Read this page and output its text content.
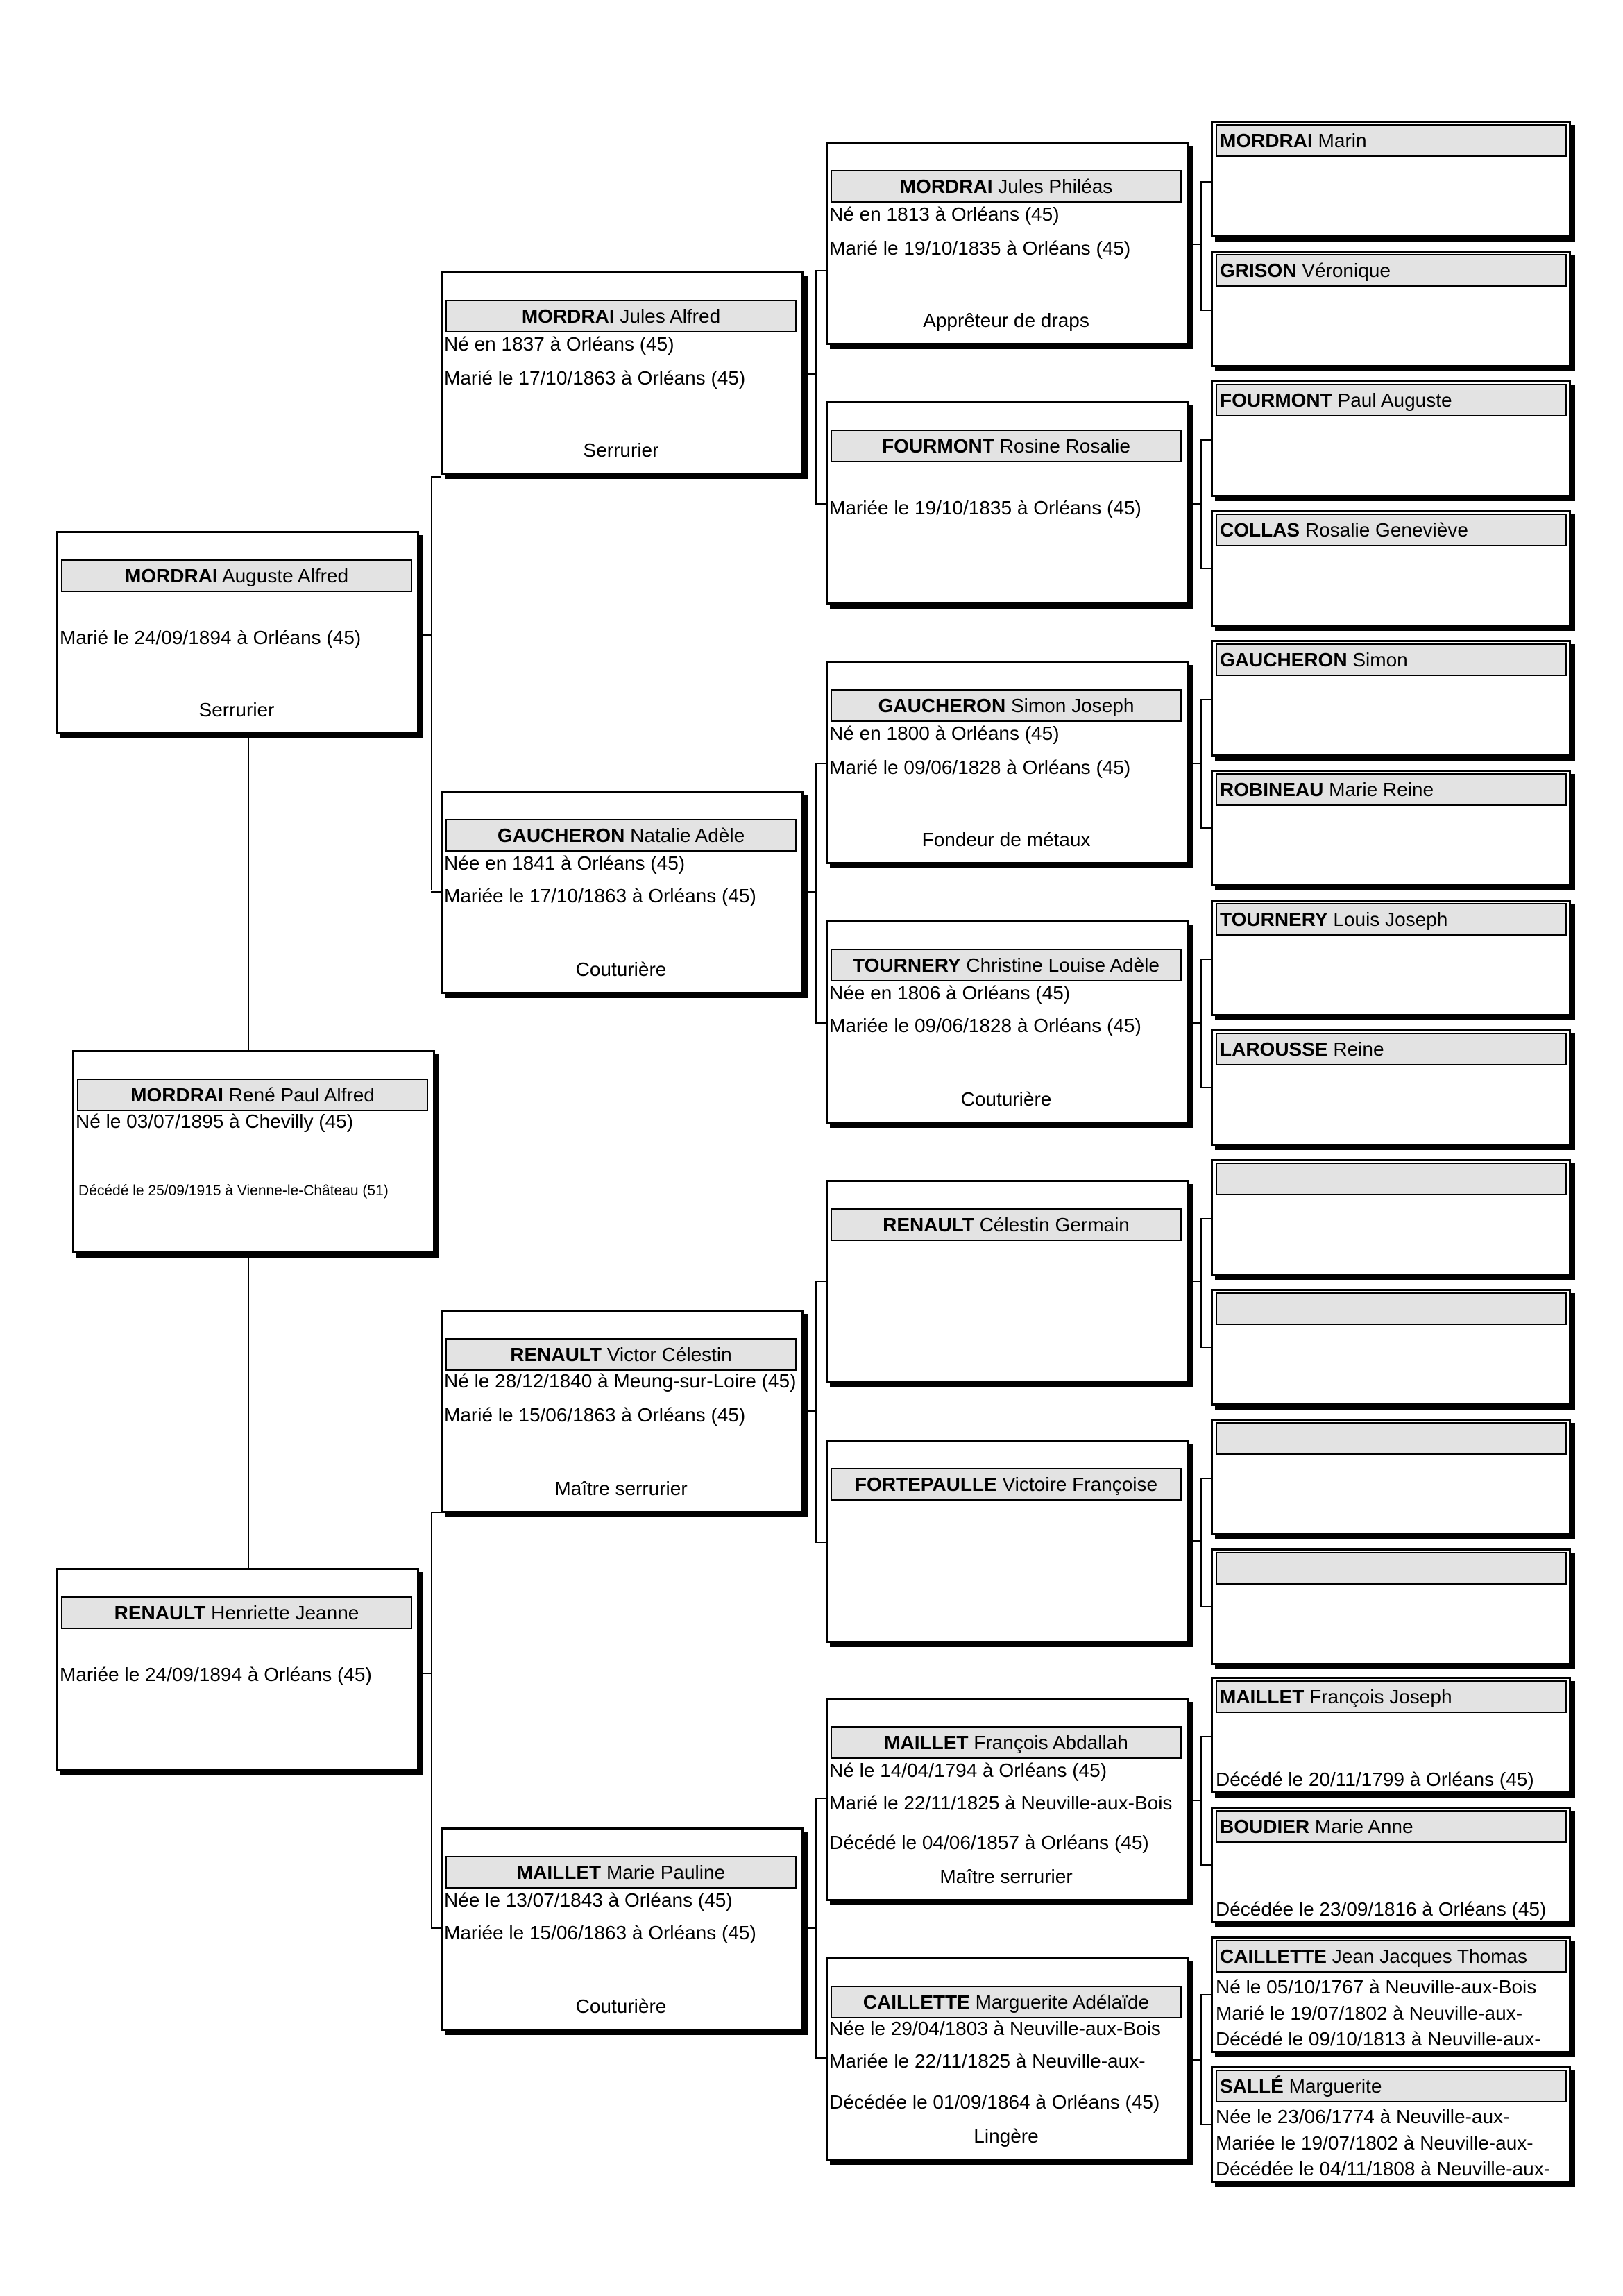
MORDRAI René Paul Alfred
Né le 03/07/1895 à Chevilly (45)
Décédé le 25/09/1915 à Vienne-le-Château (51)
MORDRAI Auguste Alfred
Marié le 24/09/1894 à Orléans (45)
Serrurier
RENAULT Henriette Jeanne
Mariée le 24/09/1894 à Orléans (45)
MORDRAI Jules Alfred
Né en 1837 à Orléans (45)
Marié le 17/10/1863 à Orléans (45)
Serrurier
GAUCHERON Natalie Adèle
Née en 1841 à Orléans (45)
Mariée le 17/10/1863 à Orléans (45)
Couturière
RENAULT Victor Célestin
Né le 28/12/1840 à Meung-sur-Loire (45)
Marié le 15/06/1863 à Orléans (45)
Maître serrurier
MAILLET Marie Pauline
Née le 13/07/1843 à Orléans (45)
Mariée le 15/06/1863 à Orléans (45)
Couturière
MORDRAI Jules Philéas
Né en 1813 à Orléans (45)
Marié le 19/10/1835 à Orléans (45)
Apprêteur de draps
FOURMONT Rosine Rosalie
Mariée le 19/10/1835 à Orléans (45)
GAUCHERON Simon Joseph
Né en 1800 à Orléans (45)
Marié le 09/06/1828 à Orléans (45)
Fondeur de métaux
TOURNERY Christine Louise Adèle
Née en 1806 à Orléans (45)
Mariée le 09/06/1828 à Orléans (45)
Couturière
RENAULT Célestin Germain
FORTEPAULLE Victoire Françoise
MAILLET François Abdallah
Né le 14/04/1794 à Orléans (45)
Marié le 22/11/1825 à Neuville-aux-Bois
Décédé le 04/06/1857 à Orléans (45)
Maître serrurier
CAILLETTE Marguerite Adélaïde
Née le 29/04/1803 à Neuville-aux-Bois
Mariée le 22/11/1825 à Neuville-aux-
Décédée le 01/09/1864 à Orléans (45)
Lingère
MORDRAI Marin
GRISON Véronique
FOURMONT Paul Auguste
COLLAS Rosalie Geneviève
GAUCHERON Simon
ROBINEAU Marie Reine
TOURNERY Louis Joseph
LAROUSSE Reine
MAILLET François Joseph
Décédé le 20/11/1799 à Orléans (45)
BOUDIER Marie Anne
Décédée le 23/09/1816 à Orléans (45)
CAILLETTE Jean Jacques Thomas
Né le 05/10/1767 à Neuville-aux-Bois
Marié le 19/07/1802 à Neuville-aux-
Décédé le 09/10/1813 à Neuville-aux-
SALLÉ Marguerite
Née le 23/06/1774 à Neuville-aux-
Mariée le 19/07/1802 à Neuville-aux-
Décédée le 04/11/1808 à Neuville-aux-
